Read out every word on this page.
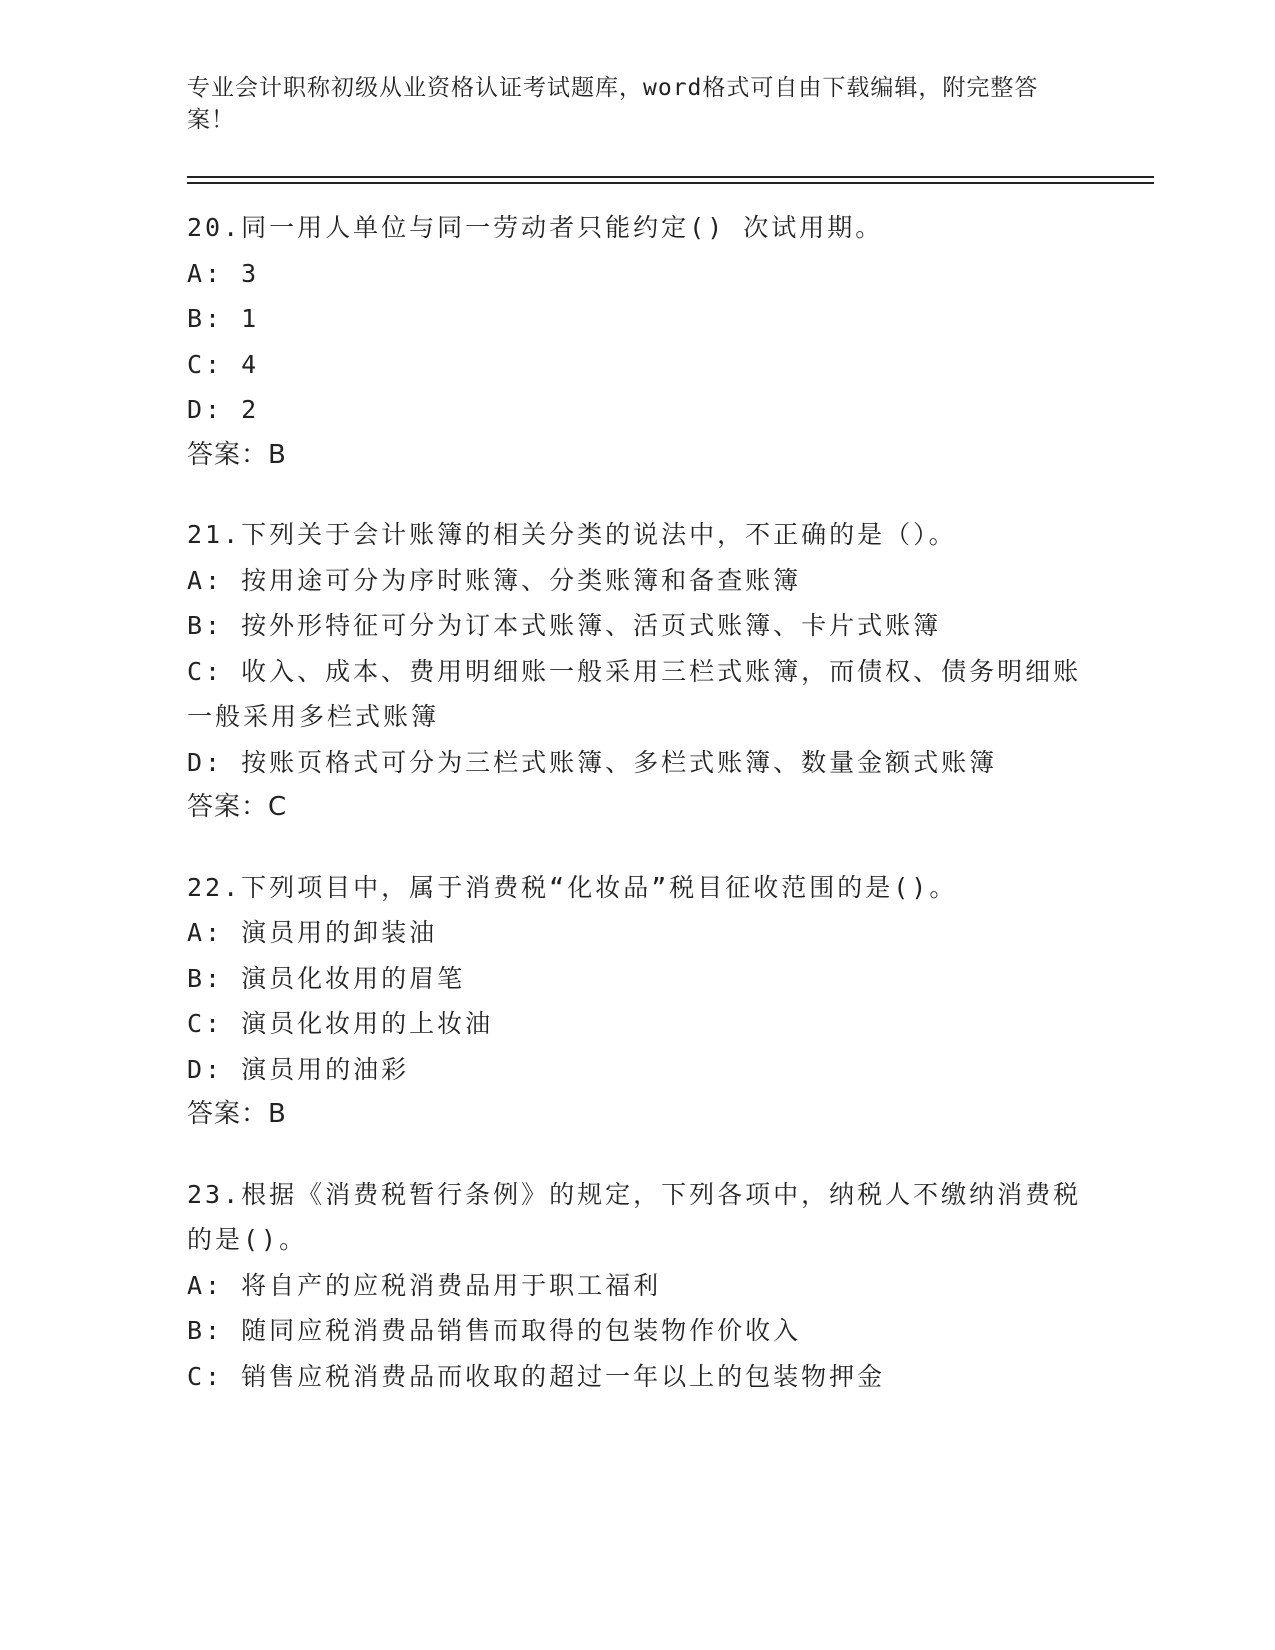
专业会计职称初级从业资格认证考试题库，word格式可自由下载编辑，附完整答案！
20.同一用人单位与同一劳动者只能约定() 次试用期。
A: 3
B: 1
C: 4
D: 2
答案：B
21.下列关于会计账簿的相关分类的说法中，不正确的是（）。
A: 按用途可分为序时账簿、分类账簿和备查账簿
B: 按外形特征可分为订本式账簿、活页式账簿、卡片式账簿
C: 收入、成本、费用明细账一般采用三栏式账簿，而债权、债务明细账一般采用多栏式账簿
D: 按账页格式可分为三栏式账簿、多栏式账簿、数量金额式账簿
答案：C
22.下列项目中，属于消费税“化妆品”税目征收范围的是()。
A: 演员用的卸装油
B: 演员化妆用的眉笔
C: 演员化妆用的上妆油
D: 演员用的油彩
答案：B
23.根据《消费税暂行条例》的规定，下列各项中，纳税人不缴纳消费税的是()。
A: 将自产的应税消费品用于职工福利
B: 随同应税消费品销售而取得的包装物作价收入
C: 销售应税消费品而收取的超过一年以上的包装物押金
